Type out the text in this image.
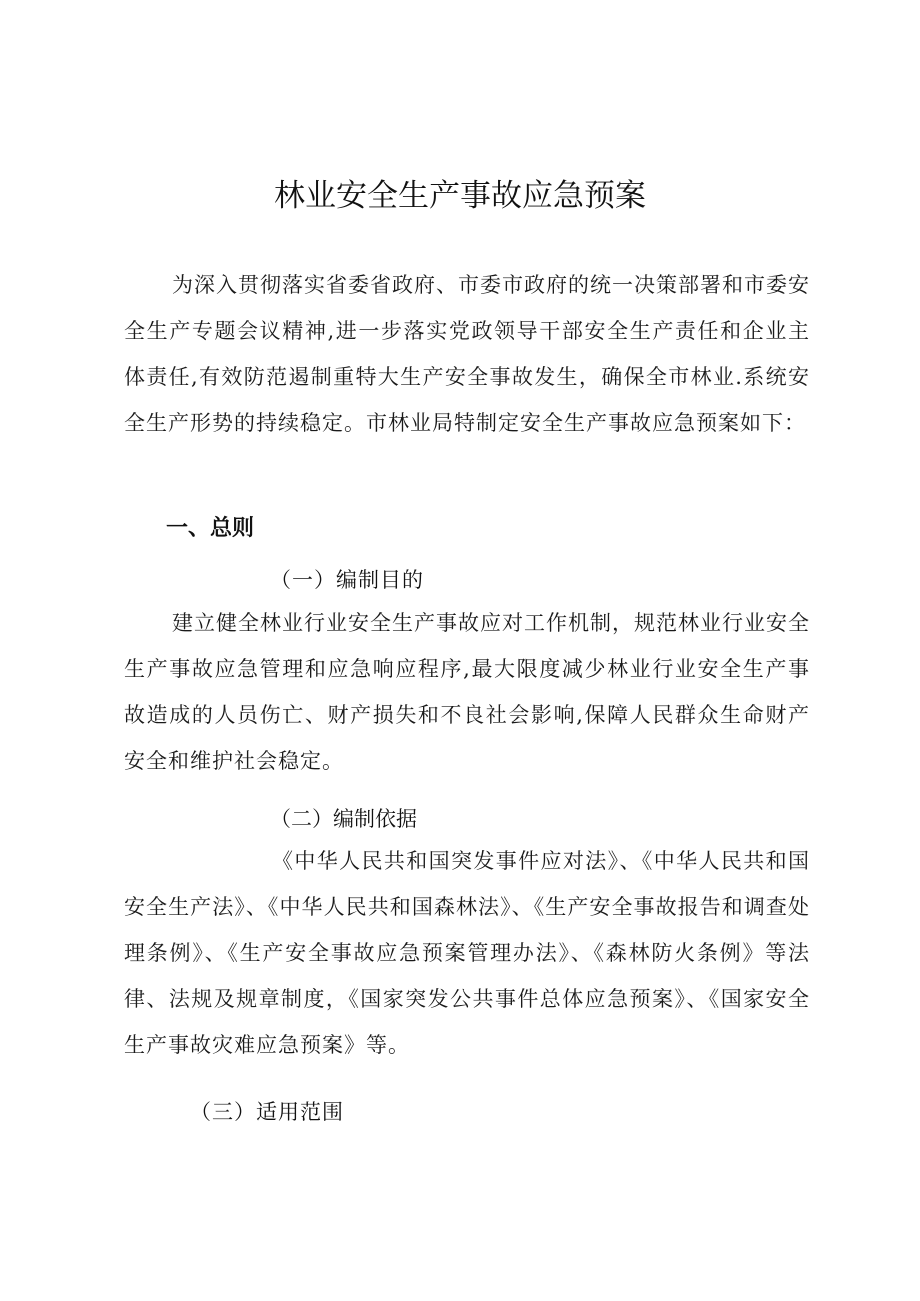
林业安全生产事故应急预案

为深入贯彻落实省委省政府、市委市政府的统一决策部署和市委安全生产专题会议精神,进一步落实党政领导干部安全生产责任和企业主体责任,有效防范遏制重特大生产安全事故发生，确保全市林业.系统安全生产形势的持续稳定。市林业局特制定安全生产事故应急预案如下：

一、总则
（一）编制目的

建立健全林业行业安全生产事故应对工作机制，规范林业行业安全生产事故应急管理和应急响应程序,最大限度减少林业行业安全生产事故造成的人员伤亡、财产损失和不良社会影响,保障人民群众生命财产安全和维护社会稳定。

（二）编制依据

《中华人民共和国突发事件应对法》、《中华人民共和国安全生产法》、《中华人民共和国森林法》、《生产安全事故报告和调查处理条例》、《生产安全事故应急预案管理办法》、《森林防火条例》等法律、法规及规章制度，《国家突发公共事件总体应急预案》、《国家安全生产事故灾难应急预案》等。

（三）适用范围
